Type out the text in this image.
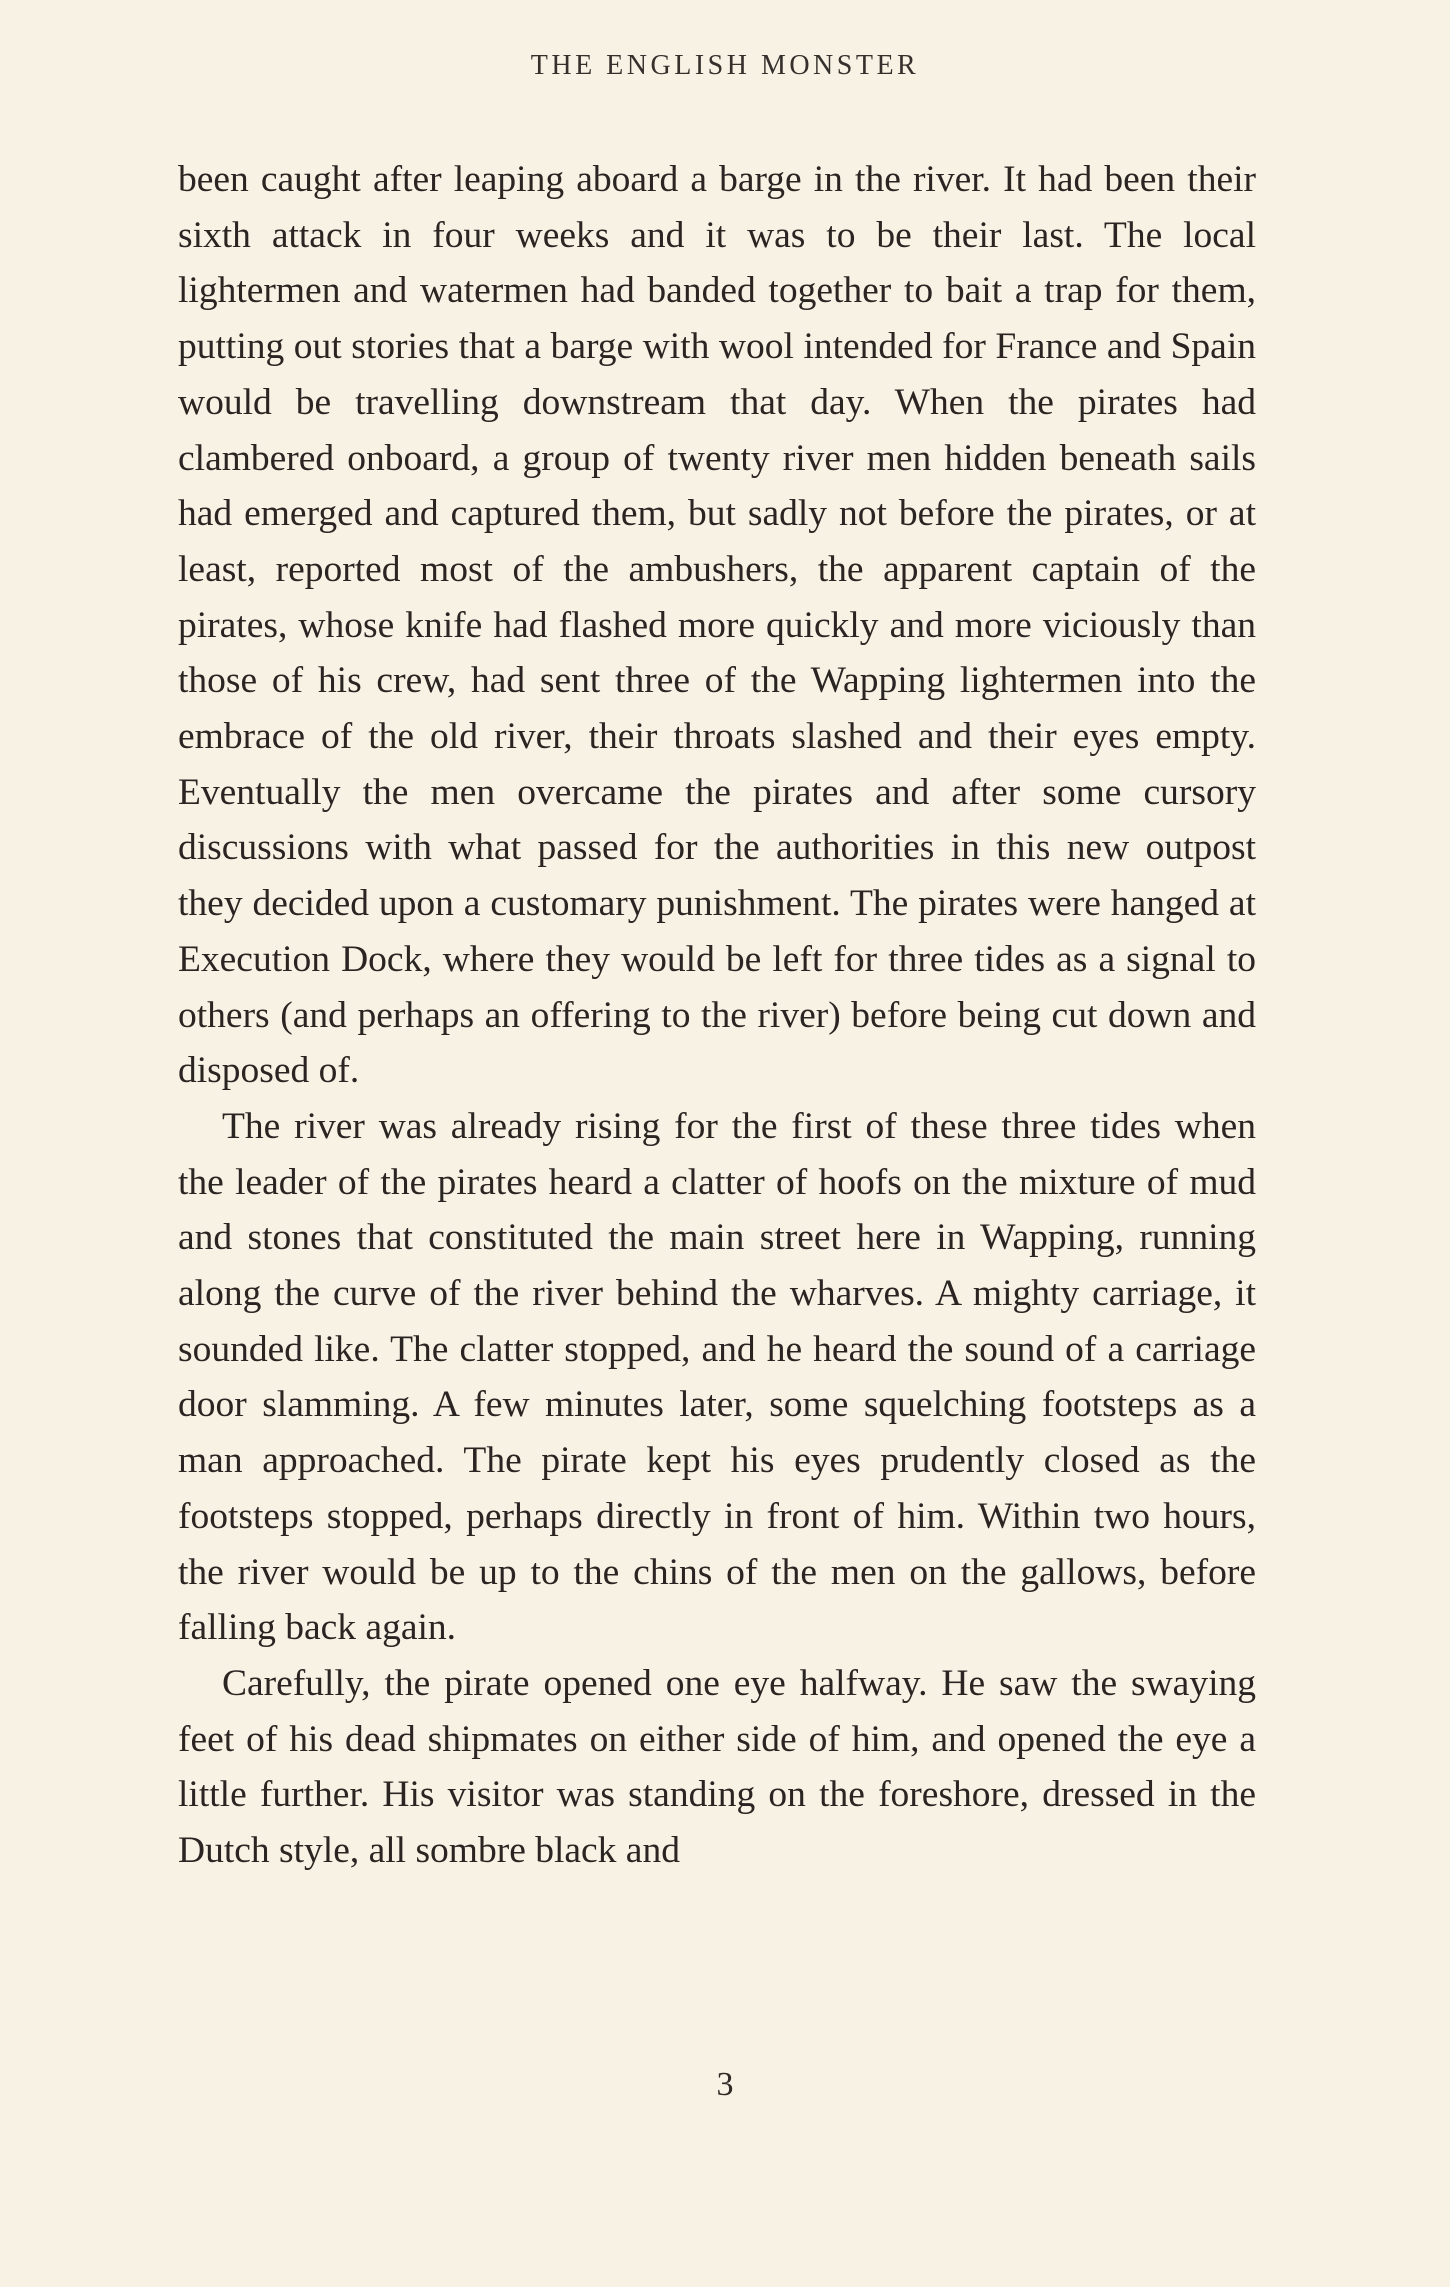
THE ENGLISH MONSTER

been caught after leaping aboard a barge in the river. It had been their sixth attack in four weeks and it was to be their last. The local lightermen and watermen had banded together to bait a trap for them, putting out stories that a barge with wool intended for France and Spain would be travelling downstream that day. When the pirates had clambered onboard, a group of twenty river men hidden beneath sails had emerged and captured them, but sadly not before the pirates, or at least, reported most of the ambushers, the apparent captain of the pirates, whose knife had flashed more quickly and more viciously than those of his crew, had sent three of the Wapping lightermen into the embrace of the old river, their throats slashed and their eyes empty. Eventually the men overcame the pirates and after some cursory discussions with what passed for the authorities in this new outpost they decided upon a customary punishment. The pirates were hanged at Execution Dock, where they would be left for three tides as a signal to others (and perhaps an offering to the river) before being cut down and disposed of.

The river was already rising for the first of these three tides when the leader of the pirates heard a clatter of hoofs on the mixture of mud and stones that constituted the main street here in Wapping, running along the curve of the river behind the wharves. A mighty carriage, it sounded like. The clatter stopped, and he heard the sound of a carriage door slamming. A few minutes later, some squelching footsteps as a man approached. The pirate kept his eyes prudently closed as the footsteps stopped, perhaps directly in front of him. Within two hours, the river would be up to the chins of the men on the gallows, before falling back again.

Carefully, the pirate opened one eye halfway. He saw the swaying feet of his dead shipmates on either side of him, and opened the eye a little further. His visitor was standing on the foreshore, dressed in the Dutch style, all sombre black and

3
